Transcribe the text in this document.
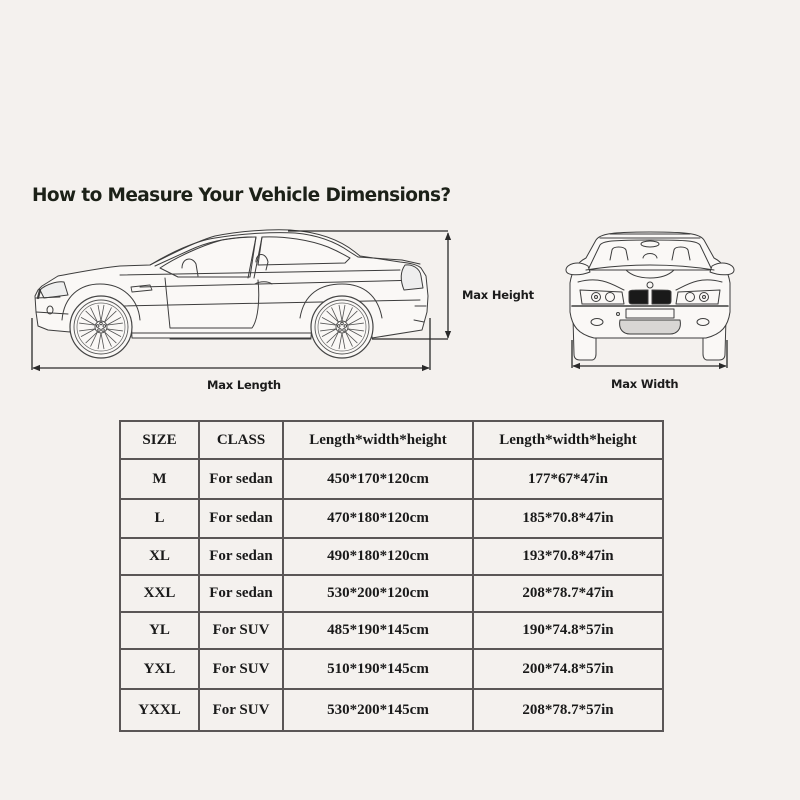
How to Measure Your Vehicle Dimensions?
Max Length
Max Height
Max Width
SIZE	CLASS	Length*width*height	Length*width*height
M	For sedan	450*170*120cm	177*67*47in
L	For sedan	470*180*120cm	185*70.8*47in
XL	For sedan	490*180*120cm	193*70.8*47in
XXL	For sedan	530*200*120cm	208*78.7*47in
YL	For SUV	485*190*145cm	190*74.8*57in
YXL	For SUV	510*190*145cm	200*74.8*57in
YXXL	For SUV	530*200*145cm	208*78.7*57in
